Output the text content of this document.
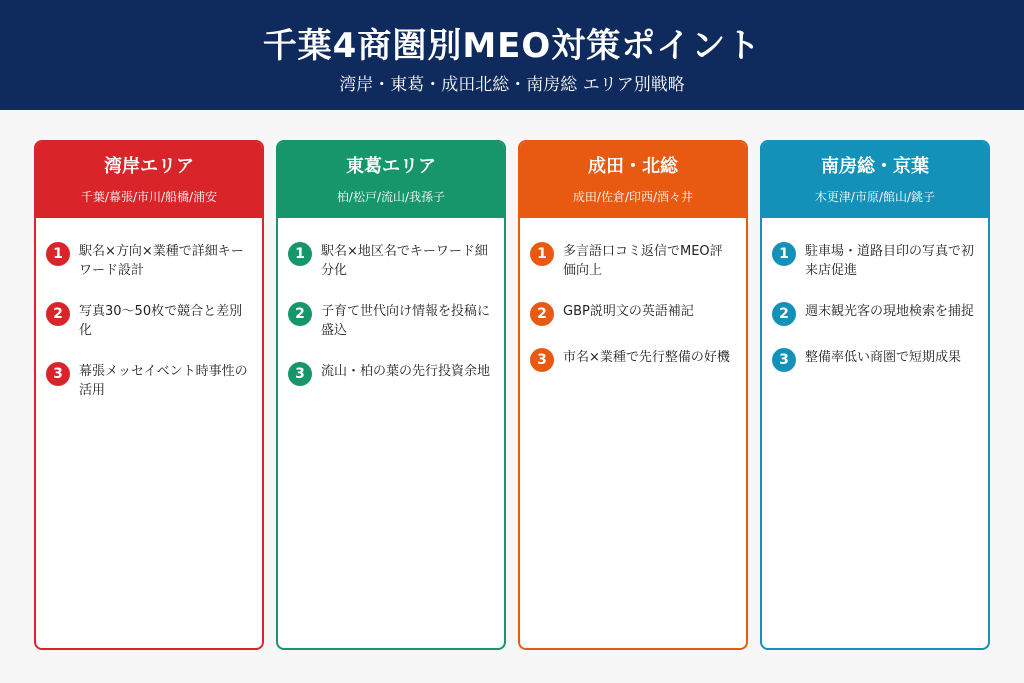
千葉4商圏別MEO対策ポイント
湾岸・東葛・成田北総・南房総 エリア別戦略
湾岸エリア
千葉/幕張/市川/船橋/浦安
1	駅名×方向×業種で詳細キーワード設計
2	写真30〜50枚で競合と差別化
3	幕張メッセイベント時事性の活用
東葛エリア
柏/松戸/流山/我孫子
1	駅名×地区名でキーワード細分化
2	子育て世代向け情報を投稿に盛込
3	流山・柏の葉の先行投資余地
成田・北総
成田/佐倉/印西/酒々井
1	多言語口コミ返信でMEO評価向上
2	GBP説明文の英語補記
3	市名×業種で先行整備の好機
南房総・京葉
木更津/市原/館山/銚子
1	駐車場・道路目印の写真で初来店促進
2	週末観光客の現地検索を捕捉
3	整備率低い商圏で短期成果
